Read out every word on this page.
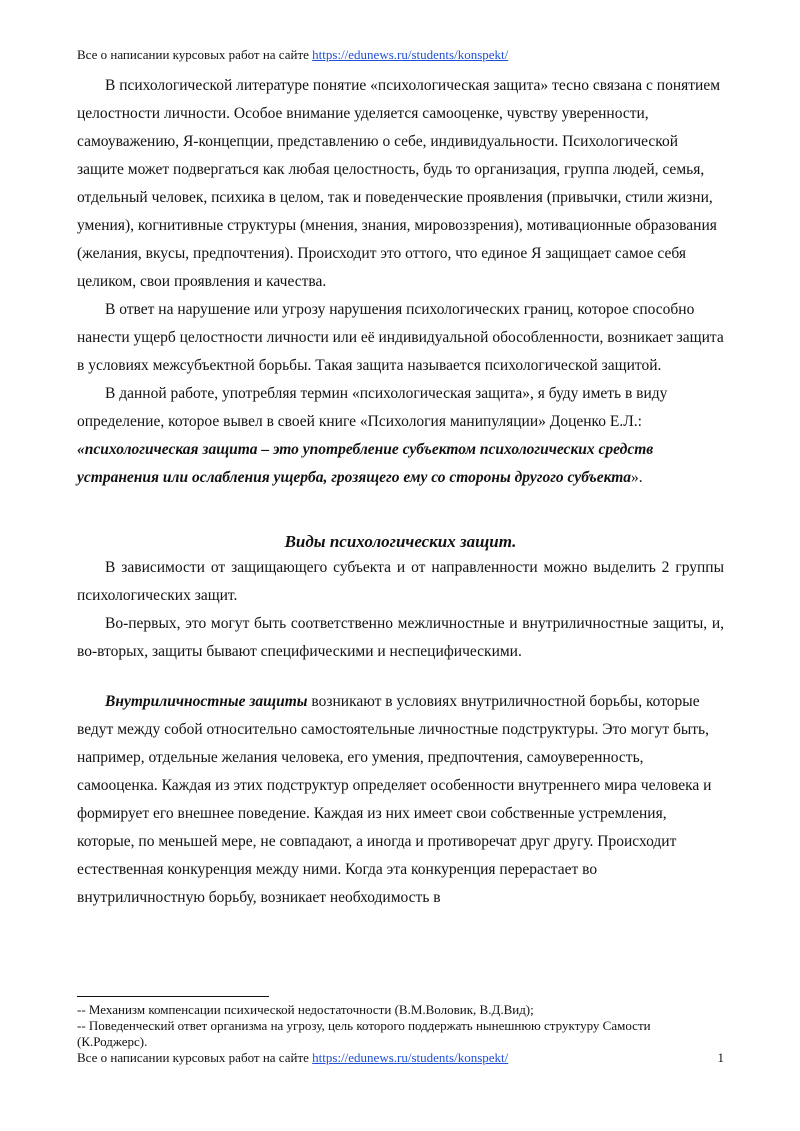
Все о написании курсовых работ на сайте https://edunews.ru/students/konspekt/

В психологической литературе понятие «психологическая защита» тесно связана с понятием целостности личности. Особое внимание уделяется самооценке, чувству уверенности, самоуважению, Я-концепции, представлению о себе, индивидуальности. Психологической защите может подвергаться как любая целостность, будь то организация, группа людей, семья, отдельный человек, психика в целом, так и поведенческие проявления (привычки, стили жизни, умения), когнитивные структуры (мнения, знания, мировоззрения), мотивационные образования (желания, вкусы, предпочтения). Происходит это оттого, что единое Я защищает самое себя целиком, свои проявления и качества.

В ответ на нарушение или угрозу нарушения психологических границ, которое способно нанести ущерб целостности личности или её индивидуальной обособленности, возникает защита в условиях межсубъектной борьбы. Такая защита называется психологической защитой.

В данной работе, употребляя термин «психологическая защита», я буду иметь в виду определение, которое вывел в своей книге «Психология манипуляции» Доценко Е.Л.: «психологическая защита – это употребление субъектом психологических средств устранения или ослабления ущерба, грозящего ему со стороны другого субъекта».

Виды психологических защит.

В зависимости от защищающего субъекта и от направленности можно выделить 2 группы психологических защит.

Во-первых, это могут быть соответственно межличностные и внутриличностные защиты, и, во-вторых, защиты бывают специфическими и неспецифическими.

Внутриличностные защиты возникают в условиях внутриличностной борьбы, которые ведут между собой относительно самостоятельные личностные подструктуры. Это могут быть, например, отдельные желания человека, его умения, предпочтения, самоуверенность, самооценка. Каждая из этих подструктур определяет особенности внутреннего мира человека и формирует его внешнее поведение. Каждая из них имеет свои собственные устремления, которые, по меньшей мере, не совпадают, а иногда и противоречат друг другу. Происходит естественная конкуренция между ними. Когда эта конкуренция перерастает во внутриличностную борьбу, возникает необходимость в

-- Механизм компенсации психической недостаточности (В.М.Воловик, В.Д.Вид);
-- Поведенческий ответ организма на угрозу, цель которого поддержать нынешнюю структуру Самости (К.Роджерс).
Все о написании курсовых работ на сайте https://edunews.ru/students/konspekt/	1
